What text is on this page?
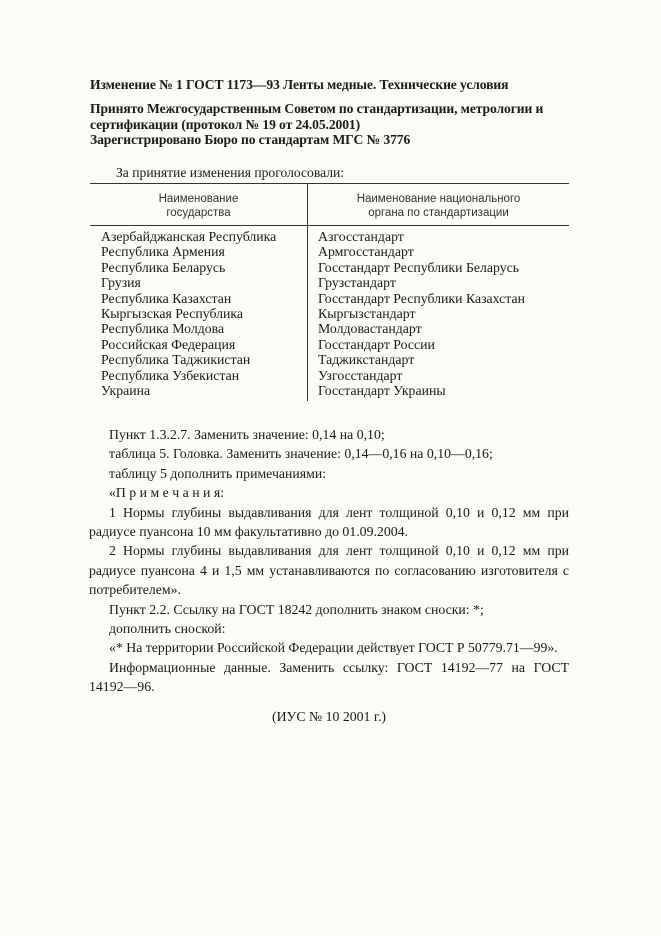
Изменение № 1 ГОСТ 1173—93 Ленты медные. Технические условия
Принято Межгосударственным Советом по стандартизации, метрологии и сертификации (протокол № 19 от 24.05.2001)
Зарегистрировано Бюро по стандартам МГС № 3776
За принятие изменения проголосовали:
Наименование
государства
Наименование национального
органа по стандартизации
Азербайджанская Республика
Республика Армения
Республика Беларусь
Грузия
Республика Казахстан
Кыргызская Республика
Республика Молдова
Российская Федерация
Республика Таджикистан
Республика Узбекистан
Украина
Азгосстандарт
Армгосстандарт
Госстандарт Республики Беларусь
Грузстандарт
Госстандарт Республики Казахстан
Кыргызстандарт
Молдовастандарт
Госстандарт России
Таджикстандарт
Узгосстандарт
Госстандарт Украины

Пункт 1.3.2.7. Заменить значение: 0,14 на 0,10;

таблица 5. Головка. Заменить значение: 0,14—0,16 на 0,10—0,16;

таблицу 5 дополнить примечаниями:

«П р и м е ч а н и я:

1 Нормы глубины выдавливания для лент толщиной 0,10 и 0,12 мм при радиусе пуансона 10 мм факультативно до 01.09.2004.

2 Нормы глубины выдавливания для лент толщиной 0,10 и 0,12 мм при радиусе пуансона 4 и 1,5 мм устанавливаются по согласованию изготовителя с потребителем».

Пункт 2.2. Ссылку на ГОСТ 18242 дополнить знаком сноски: *;

дополнить сноской:

«* На территории Российской Федерации действует ГОСТ Р 50779.71—99».

Информационные данные. Заменить ссылку: ГОСТ 14192—77 на ГОСТ 14192—96.

(ИУС № 10 2001 г.)
